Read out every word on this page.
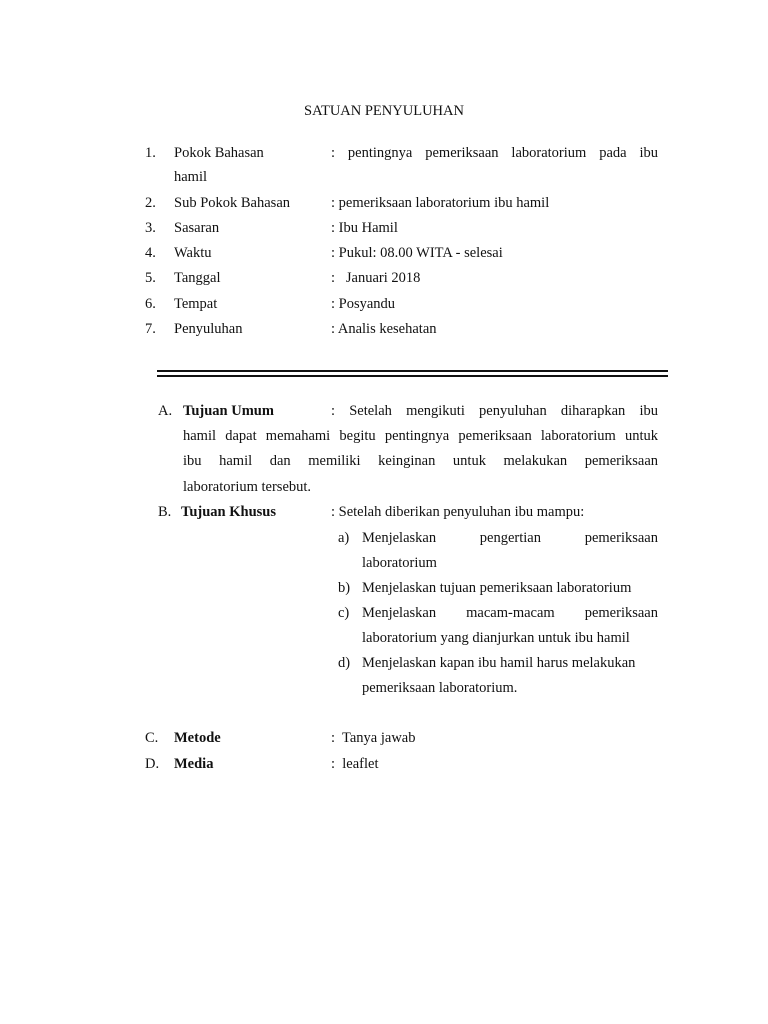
SATUAN PENYULUHAN
1. Pokok Bahasan	: pentingnya pemeriksaan laboratorium pada ibu
hamil
2. Sub Pokok Bahasan	: pemeriksaan laboratorium ibu hamil
3. Sasaran	: Ibu Hamil
4. Waktu	: Pukul: 08.00 WITA - selesai
5. Tanggal	:   Januari 2018
6. Tempat	: Posyandu
7. Penyuluhan	: Analis kesehatan
A. Tujuan Umum	: Setelah mengikuti penyuluhan diharapkan ibu
hamil dapat memahami begitu pentingnya pemeriksaan laboratorium untuk
ibu hamil dan memiliki keinginan untuk melakukan pemeriksaan
laboratorium tersebut.
B. Tujuan Khusus	: Setelah diberikan penyuluhan ibu mampu:
a) Menjelaskan pengertian pemeriksaan
laboratorium
b) Menjelaskan tujuan pemeriksaan laboratorium
c) Menjelaskan macam-macam pemeriksaan
laboratorium yang dianjurkan untuk ibu hamil
d) Menjelaskan kapan ibu hamil harus melakukan
pemeriksaan laboratorium.
C. Metode	:  Tanya jawab
D. Media	:  leaflet
